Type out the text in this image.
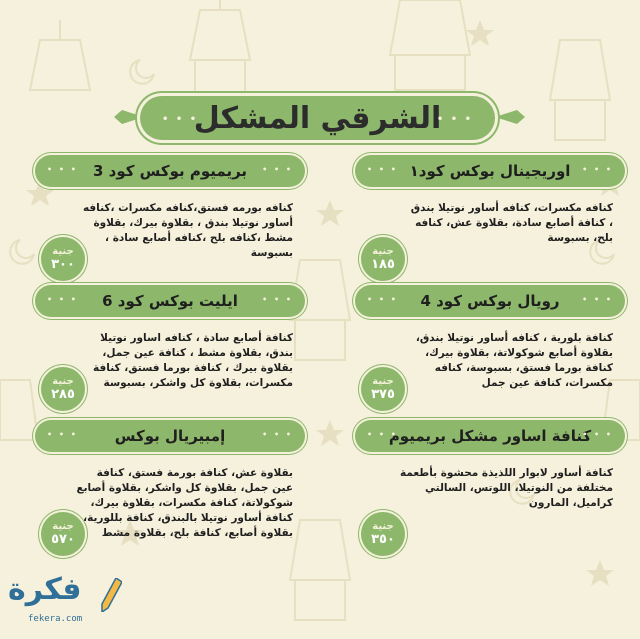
• • •
الشرقي المشكل
• • •
• • • اوريجينال بوكس كود١ • • •
كنافه مكسرات، كنافه أساور نوتيلا بندق ، كنافة أصابع سادة، بقلاوة عش، كنافه بلح، بسبوسة
جنية
١٨٥
• • • بريميوم بوكس كود 3 • • •
كنافه بورمه فستق،كنافه مكسرات ،كنافه أساور نوتيلا بندق ، بقلاوة بيرك، بقلاوة مشط ،كنافه بلح ،كنافه أصابع سادة ، بسبوسة
جنية
٣٠٠
• • • رويال بوكس كود 4	• • •
كنافة بلورية ، كنافه أساور نوتيلا بندق، بقلاوة أصابع شوكولاتة، بقلاوة بيرك، كنافة بورما فستق، بسبوسة، كنافه مكسرات، كنافة عين جمل
جنية
٣٧٥
• • • ايليت بوكس كود 6	• • •
كنافة أصابع سادة ، كنافه اساور نوتيلا بندق، بقلاوة مشط ، كنافة عين جمل، بقلاوة بيرك ، كنافة بورما فستق، كنافة مكسرات، بقلاوة كل واشكر، بسبوسة
جنية
٢٨٥
• • •
كنافة اساور مشكل بريميوم
• • •
كنافة أساور لابوار اللذيذة محشوة بأطعمة مختلفة من النوتيلا، اللوتس، السالتي كراميل، المارون
جنية
٣٥٠
• • • إمبيريال بوكس	• • •
بقلاوة عش، كنافة بورمة فستق، كنافة عين جمل، بقلاوة كل واشكر، بقلاوة أصابع شوكولاتة، كنافة مكسرات، بقلاوة بيرك، كنافة أساور نوتيلا بالبندق، كنافة بللورية، بقلاوة أصابع، كنافة بلح، بقلاوة مشط
جنية
٥٧٠
فكرة
fekera.com
